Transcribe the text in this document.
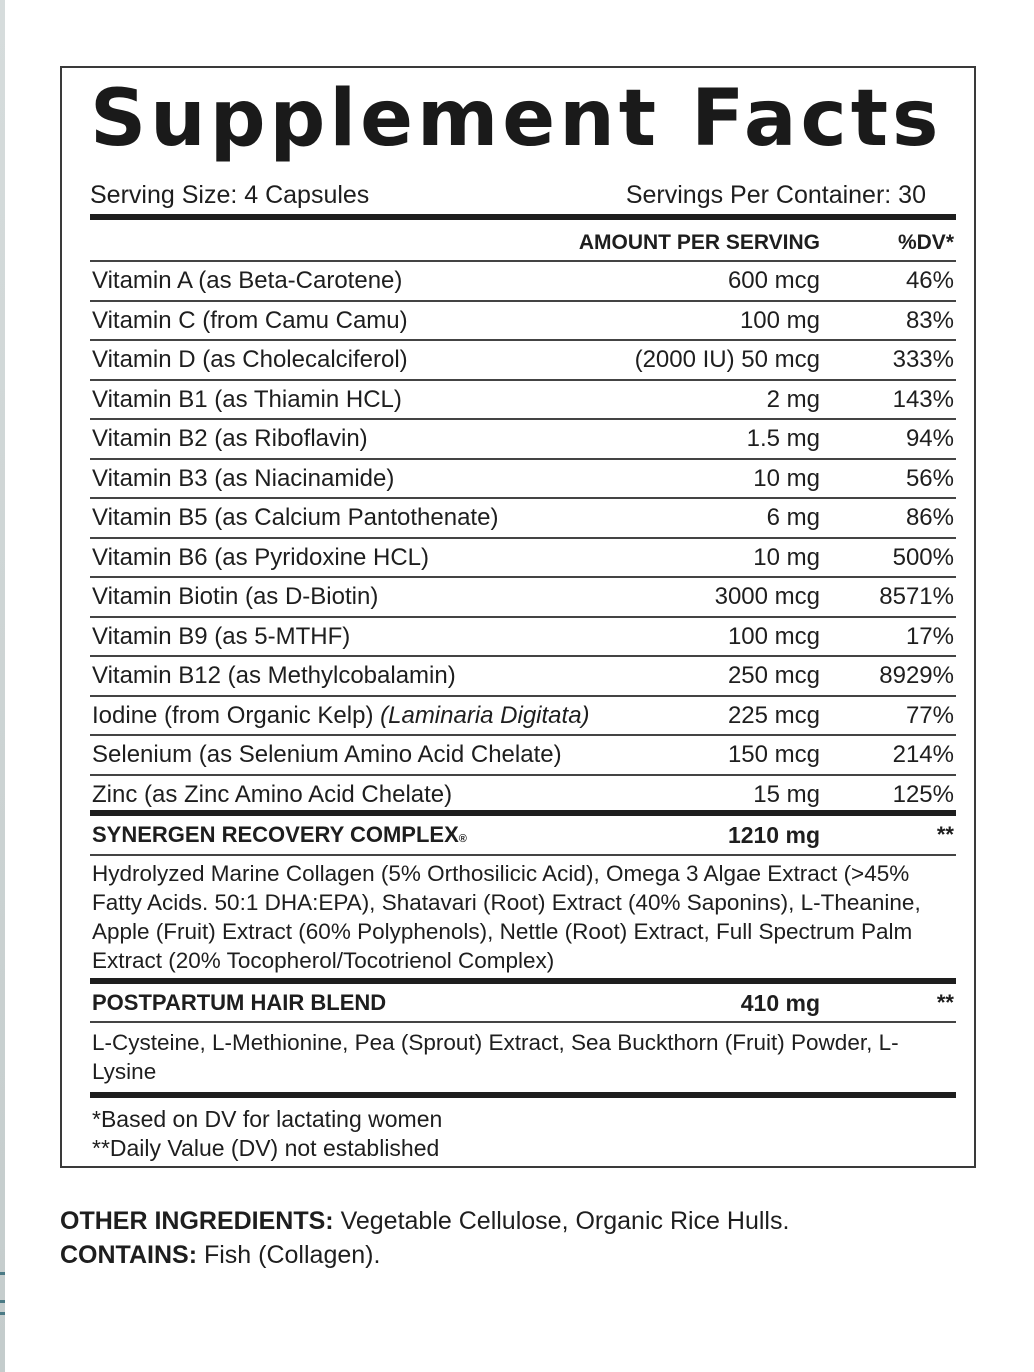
Supplement Facts
Serving Size: 4 Capsules	Servings Per Container: 30
AMOUNT PER SERVING	%DV*
Vitamin A (as Beta-Carotene)	600 mcg	46%
Vitamin C (from Camu Camu)	100 mg	83%
Vitamin D (as Cholecalciferol)	(2000 IU) 50 mcg	333%
Vitamin B1 (as Thiamin HCL)	2 mg	143%
Vitamin B2 (as Riboflavin)	1.5 mg	94%
Vitamin B3 (as Niacinamide)	10 mg	56%
Vitamin B5 (as Calcium Pantothenate)	6 mg	86%
Vitamin B6 (as Pyridoxine HCL)	10 mg	500%
Vitamin Biotin (as D-Biotin)	3000 mcg 8571%
Vitamin B9 (as 5-MTHF)	100 mcg	17%
Vitamin B12 (as Methylcobalamin)	250 mcg 8929%
Iodine (from Organic Kelp) (Laminaria Digitata)	225 mcg	77%
Selenium (as Selenium Amino Acid Chelate)	150 mcg	214%
Zinc (as Zinc Amino Acid Chelate)	15 mg	125%
SYNERGEN RECOVERY COMPLEX®	1210 mg	**
Hydrolyzed Marine Collagen (5% Orthosilicic Acid), Omega 3 Algae Extract (>45% Fatty Acids. 50:1 DHA:EPA), Shatavari (Root) Extract (40% Saponins), L-Theanine, Apple (Fruit) Extract (60% Polyphenols), Nettle (Root) Extract, Full Spectrum Palm Extract (20% Tocopherol/Tocotrienol Complex)
POSTPARTUM HAIR BLEND	410 mg	**
L-Cysteine, L-Methionine, Pea (Sprout) Extract, Sea Buckthorn (Fruit) Powder, L-Lysine
*Based on DV for lactating women
**Daily Value (DV) not established
OTHER INGREDIENTS: Vegetable Cellulose, Organic Rice Hulls.
CONTAINS: Fish (Collagen).
